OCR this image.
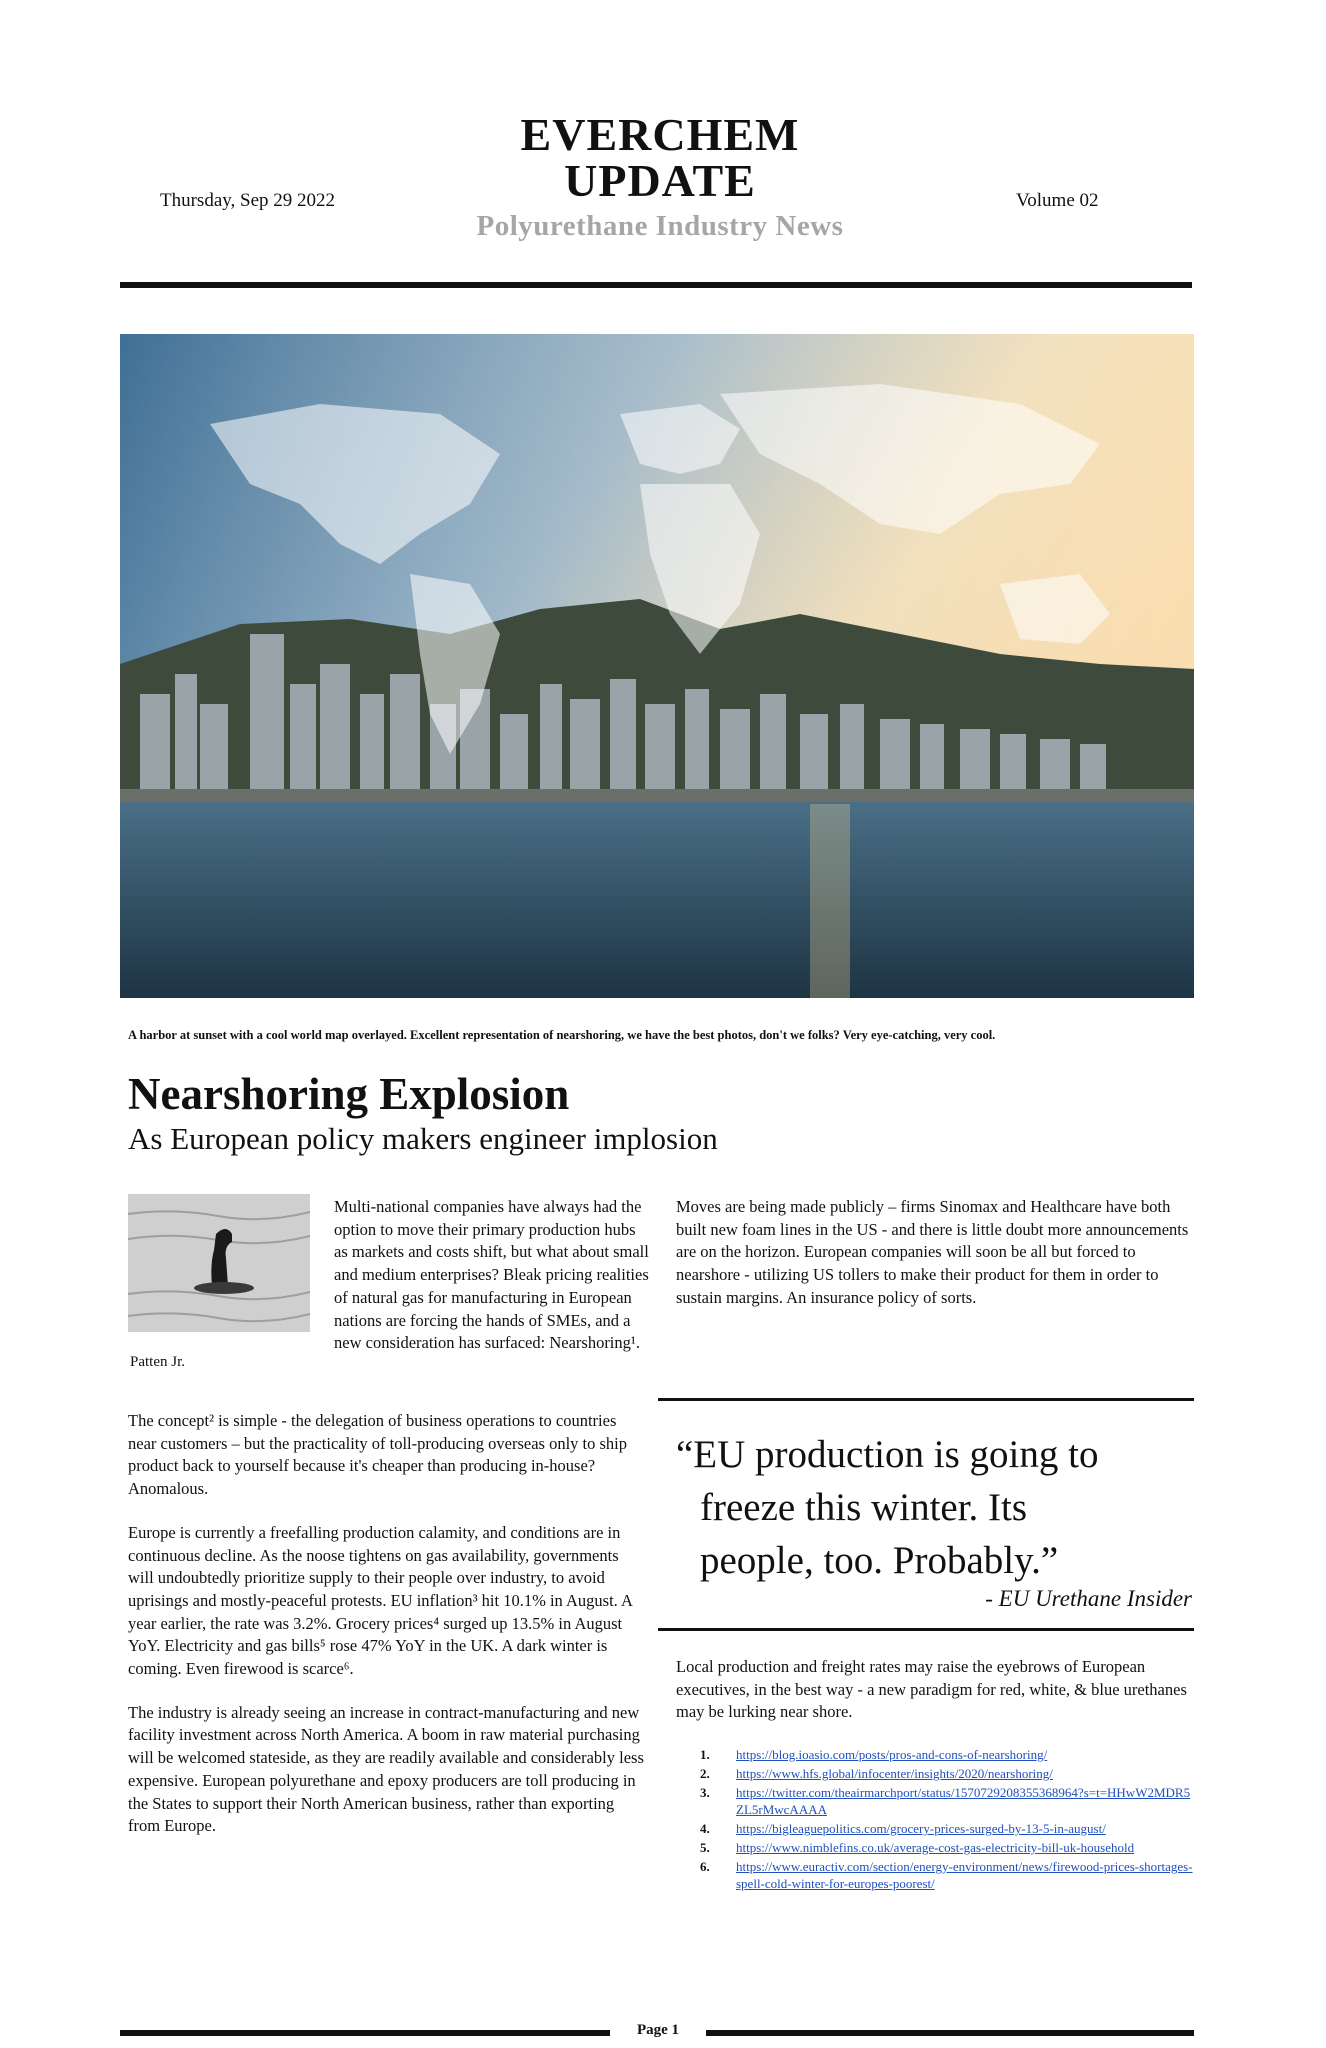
Thursday, Sep 29 2022
EVERCHEM
UPDATE
Polyurethane Industry News
Volume 02
A harbor at sunset with a cool world map overlayed. Excellent representation of nearshoring, we have the best photos, don't we folks? Very eye-catching, very cool.
Nearshoring Explosion
As European policy makers engineer implosion
Patten Jr.
Multi-national companies have always had the option to move their primary production hubs as markets and costs shift, but what about small and medium enterprises? Bleak pricing realities of natural gas for manufacturing in European nations are forcing the hands of SMEs, and a new consideration has surfaced: Nearshoring¹.

The concept² is simple - the delegation of business operations to countries near customers – but the practicality of toll-producing overseas only to ship product back to yourself because it's cheaper than producing in-house? Anomalous.

Europe is currently a freefalling production calamity, and conditions are in continuous decline. As the noose tightens on gas availability, governments will undoubtedly prioritize supply to their people over industry, to avoid uprisings and mostly-peaceful protests. EU inflation³ hit 10.1% in August. A year earlier, the rate was 3.2%. Grocery prices⁴ surged up 13.5% in August YoY. Electricity and gas bills⁵ rose 47% YoY in the UK. A dark winter is coming. Even firewood is scarce⁶.

The industry is already seeing an increase in contract-manufacturing and new facility investment across North America. A boom in raw material purchasing will be welcomed stateside, as they are readily available and considerably less expensive. European polyurethane and epoxy producers are toll producing in the States to support their North American business, rather than exporting from Europe.

Moves are being made publicly – firms Sinomax and Healthcare have both built new foam lines in the US - and there is little doubt more announcements are on the horizon. European companies will soon be all but forced to nearshore - utilizing US tollers to make their product for them in order to sustain margins. An insurance policy of sorts.
“EU production is going to
freeze this winter. Its
people, too. Probably.”
- EU Urethane Insider
Local production and freight rates may raise the eyebrows of European executives, in the best way - a new paradigm for red, white, & blue urethanes may be lurking near shore.
1.	https://blog.ioasio.com/posts/pros-and-cons-of-nearshoring/
2.	https://www.hfs.global/infocenter/insights/2020/nearshoring/
3.	https://twitter.com/theairmarchport/status/1570729208355368964?s=t=HHwW2MDR5ZL5rMwcAAAA
4.	https://bigleaguepolitics.com/grocery-prices-surged-by-13-5-in-august/
5.	https://www.nimblefins.co.uk/average-cost-gas-electricity-bill-uk-household
6.	https://www.euractiv.com/section/energy-environment/news/firewood-prices-shortages-spell-cold-winter-for-europes-poorest/
Page 1
